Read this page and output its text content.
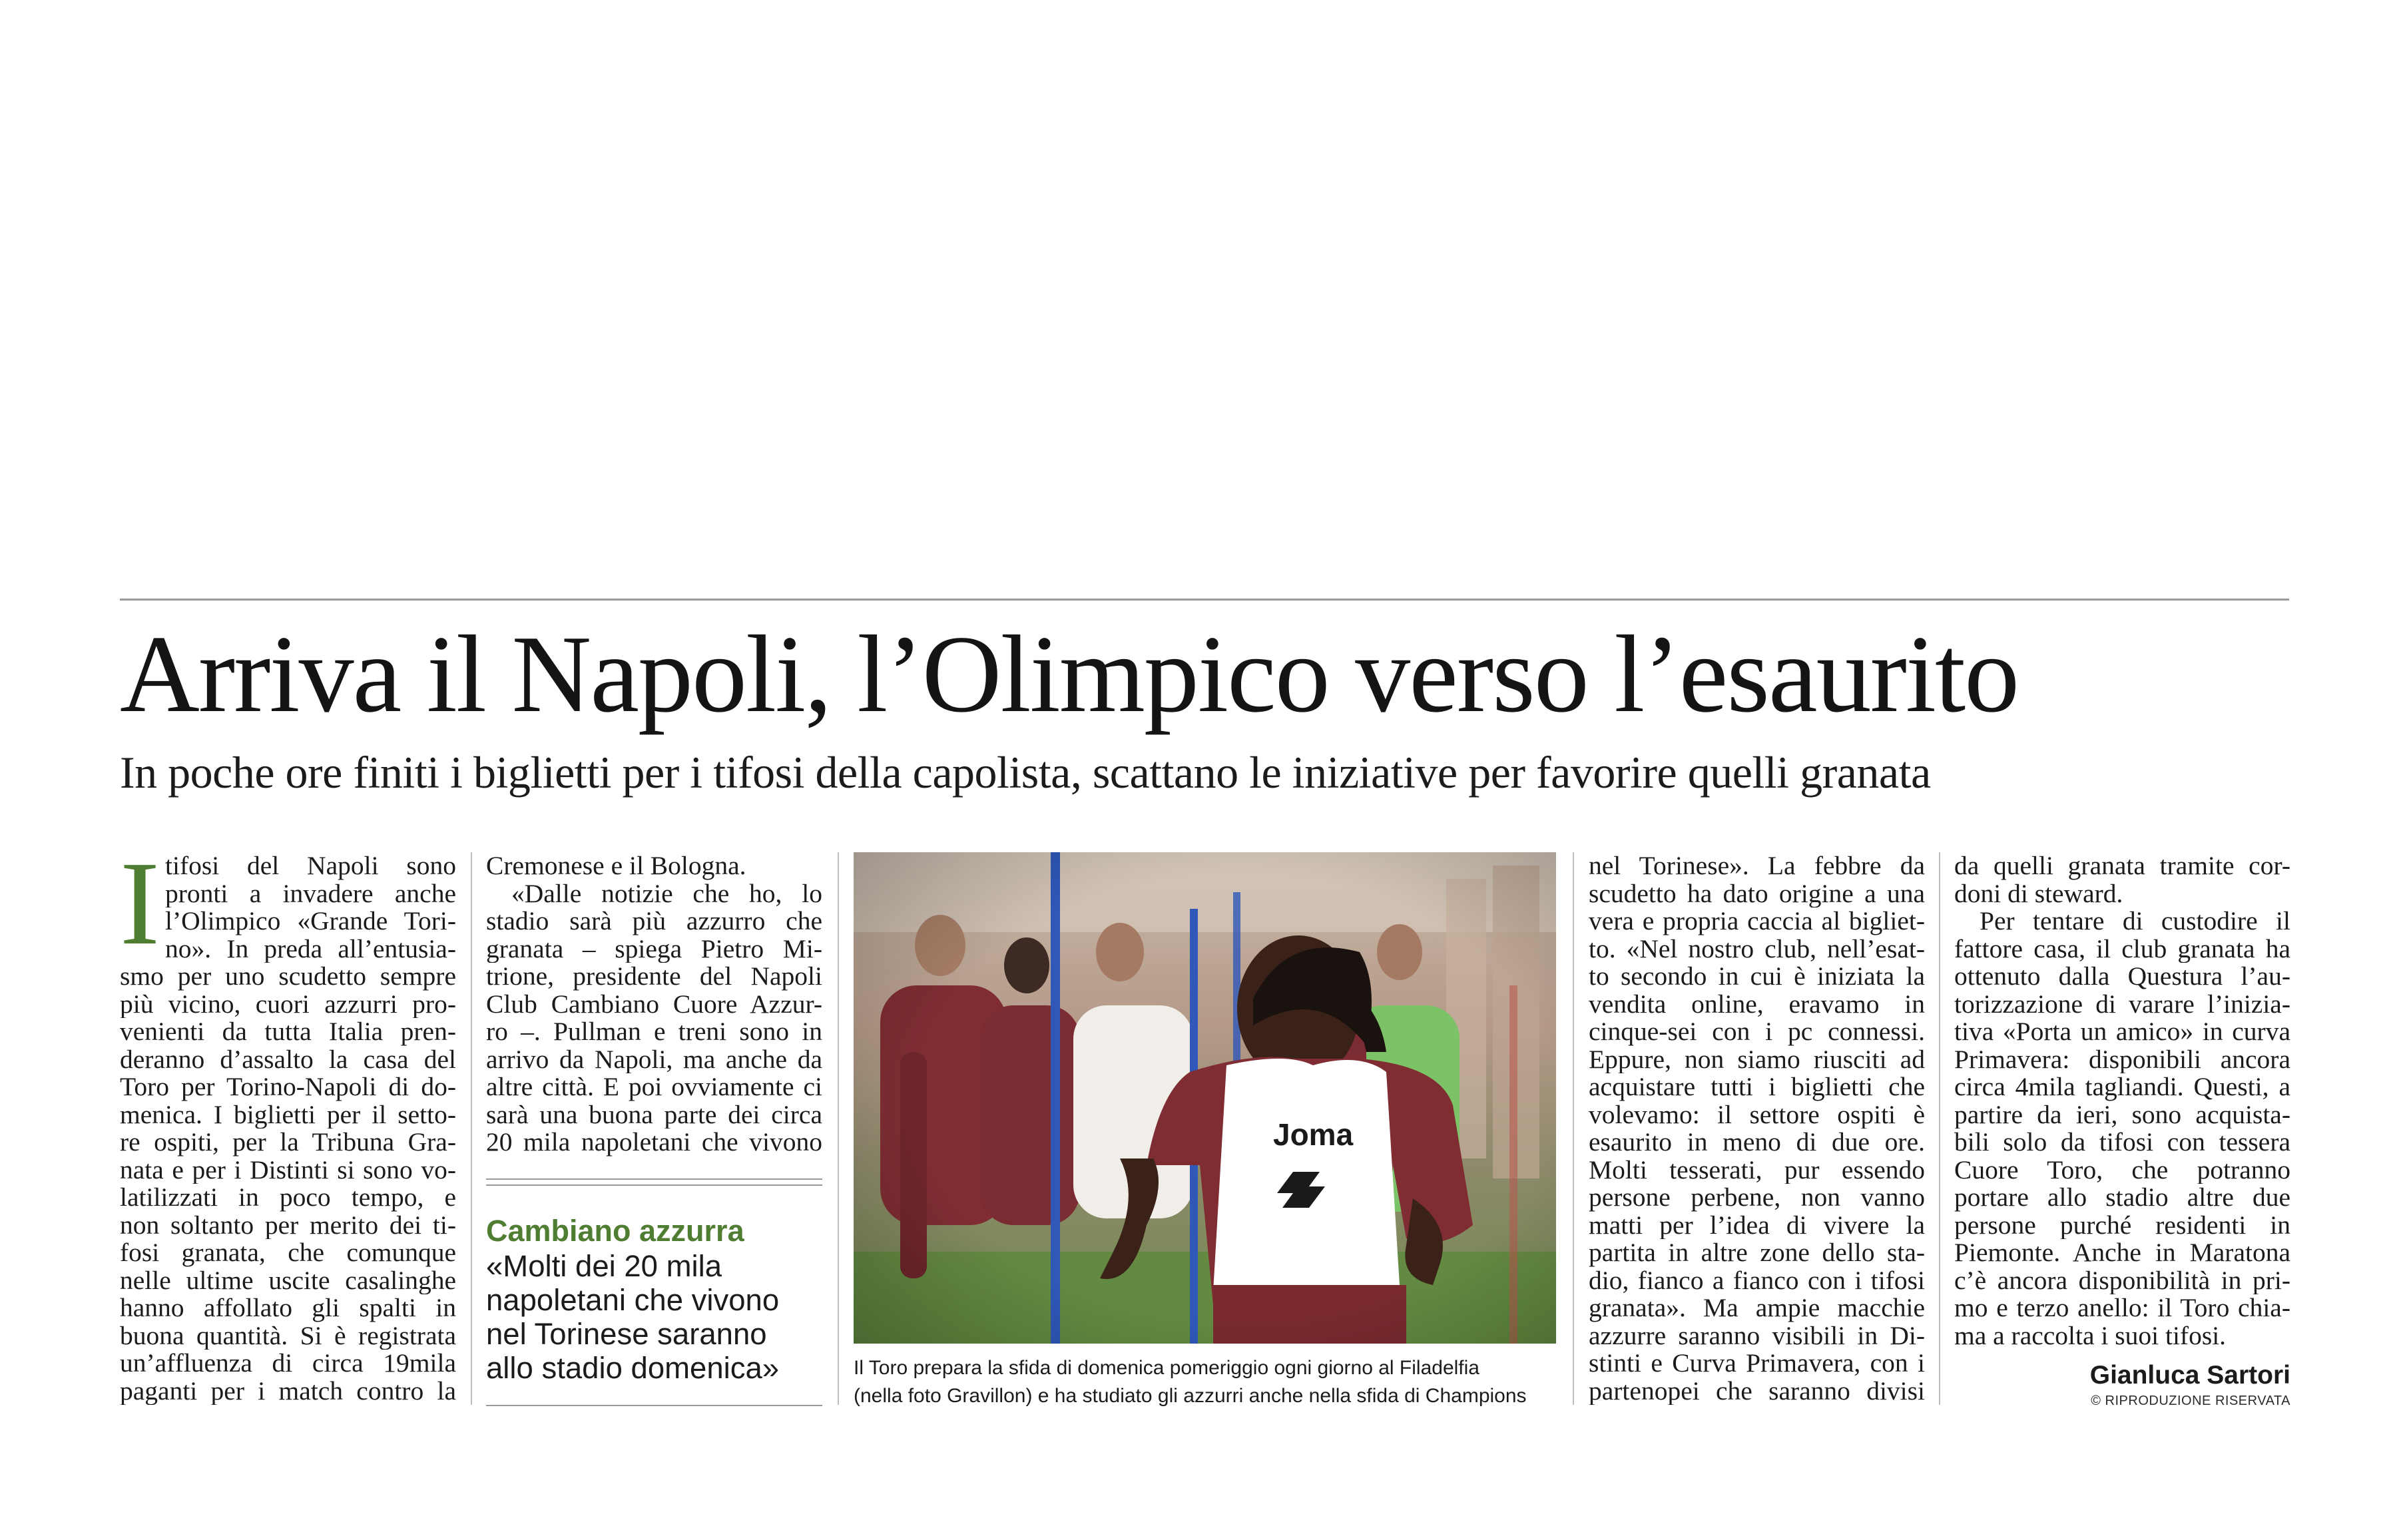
Arriva il Napoli, l’Olimpico verso l’esaurito
In poche ore finiti i biglietti per i tifosi della capolista, scattano le iniziative per favorire quelli granata
I tifosi del Napoli sono
pronti a invadere anche
l’Olimpico «Grande Tori-
no». In preda all’entusia-
smo per uno scudetto sempre
più vicino, cuori azzurri pro-
venienti da tutta Italia pren-
deranno d’assalto la casa del
Toro per Torino-Napoli di do-
menica. I biglietti per il setto-
re ospiti, per la Tribuna Gra-
nata e per i Distinti si sono vo-
latilizzati in poco tempo, e
non soltanto per merito dei ti-
fosi granata, che comunque
nelle ultime uscite casalinghe
hanno affollato gli spalti in
buona quantità. Si è registrata
un’affluenza di circa 19mila
paganti per i match contro la

Cremonese e il Bologna.
«Dalle notizie che ho, lo
stadio sarà più azzurro che
granata – spiega Pietro Mi-
trione, presidente del Napoli
Club Cambiano Cuore Azzur-
ro –. Pullman e treni sono in
arrivo da Napoli, ma anche da
altre città. E poi ovviamente ci
sarà una buona parte dei circa
20 mila napoletani che vivono

Cambiano azzurra
«Molti dei 20 mila
napoletani che vivono
nel Torinese saranno
allo stadio domenica»	Il Toro prepara la sfida di domenica pomeriggio ogni giorno al Filadelfia
(nella foto Gravillon) e ha studiato gli azzurri anche nella sfida di Champions

nel Torinese». La febbre da
scudetto ha dato origine a una
vera e propria caccia al bigliet-
to. «Nel nostro club, nell’esat-
to secondo in cui è iniziata la
vendita online, eravamo in
cinque-sei con i pc connessi.
Eppure, non siamo riusciti ad
acquistare tutti i biglietti che
volevamo: il settore ospiti è
esaurito in meno di due ore.
Molti tesserati, pur essendo
persone perbene, non vanno
matti per l’idea di vivere la
partita in altre zone dello sta-
dio, fianco a fianco con i tifosi
granata». Ma ampie macchie
azzurre saranno visibili in Di-
stinti e Curva Primavera, con i
partenopei che saranno divisi

da quelli granata tramite cor-
doni di steward.
Per tentare di custodire il
fattore casa, il club granata ha
ottenuto dalla Questura l’au-
torizzazione di varare l’inizia-
tiva «Porta un amico» in curva
Primavera: disponibili ancora
circa 4mila tagliandi. Questi, a
partire da ieri, sono acquista-
bili solo da tifosi con tessera
Cuore Toro, che potranno
portare allo stadio altre due
persone purché residenti in
Piemonte. Anche in Maratona
c’è ancora disponibilità in pri-
mo e terzo anello: il Toro chia-
ma a raccolta i suoi tifosi.

Gianluca Sartori
© RIPRODUZIONE RISERVATA
